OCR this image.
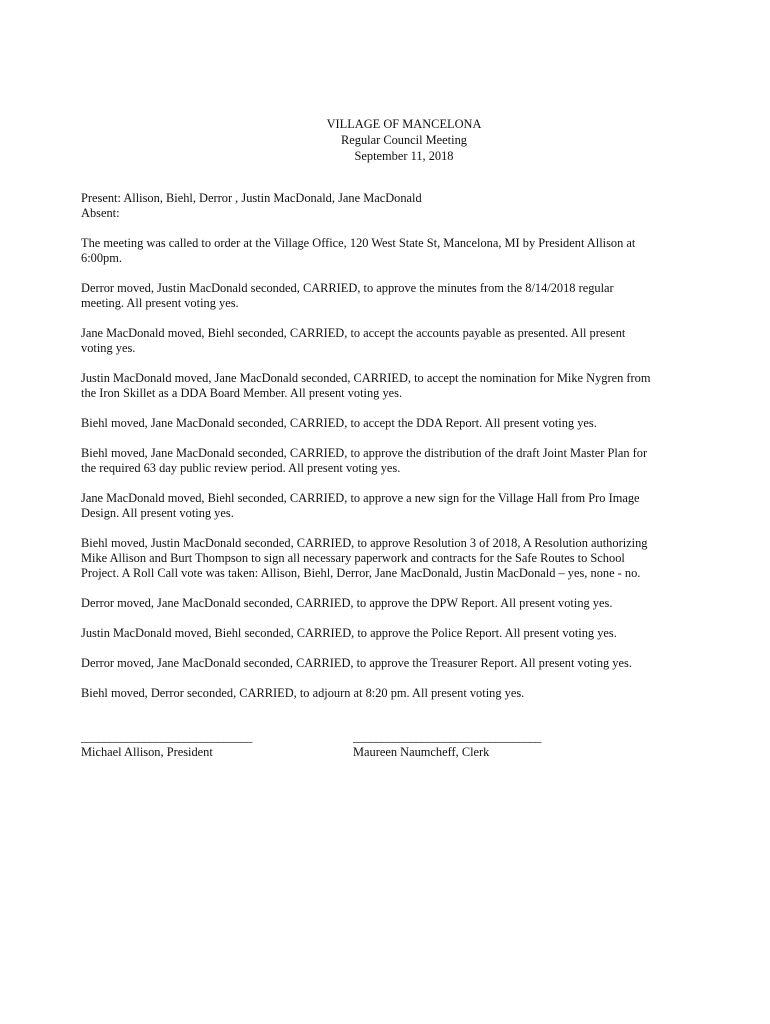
VILLAGE OF MANCELONA
Regular Council Meeting
September 11, 2018
Present: Allison, Biehl, Derror , Justin MacDonald, Jane MacDonald
Absent:
The meeting was called to order at the Village Office, 120 West State St, Mancelona, MI by President Allison at
6:00pm.
Derror moved, Justin MacDonald seconded, CARRIED, to approve the minutes from the 8/14/2018 regular
meeting. All present voting yes.
Jane MacDonald moved, Biehl seconded, CARRIED, to accept the accounts payable as presented. All present
voting yes.
Justin MacDonald moved, Jane MacDonald seconded, CARRIED, to accept the nomination for Mike Nygren from
the Iron Skillet as a DDA Board Member. All present voting yes.
Biehl moved, Jane MacDonald seconded, CARRIED, to accept the DDA Report. All present voting yes.
Biehl moved, Jane MacDonald seconded, CARRIED, to approve the distribution of the draft Joint Master Plan for
the required 63 day public review period. All present voting yes.
Jane MacDonald moved, Biehl seconded, CARRIED, to approve a new sign for the Village Hall from Pro Image
Design. All present voting yes.
Biehl moved, Justin MacDonald seconded, CARRIED, to approve Resolution 3 of 2018, A Resolution authorizing
Mike Allison and Burt Thompson to sign all necessary paperwork and contracts for the Safe Routes to School
Project. A Roll Call vote was taken: Allison, Biehl, Derror, Jane MacDonald, Justin MacDonald – yes, none - no.
Derror moved, Jane MacDonald seconded, CARRIED, to approve the DPW Report. All present voting yes.
Justin MacDonald moved, Biehl seconded, CARRIED, to approve the Police Report. All present voting yes.
Derror moved, Jane MacDonald seconded, CARRIED, to approve the Treasurer Report. All present voting yes.
Biehl moved, Derror seconded, CARRIED, to adjourn at 8:20 pm. All present voting yes.
______________________________
Michael Allison, President
_________________________________
Maureen Naumcheff, Clerk
